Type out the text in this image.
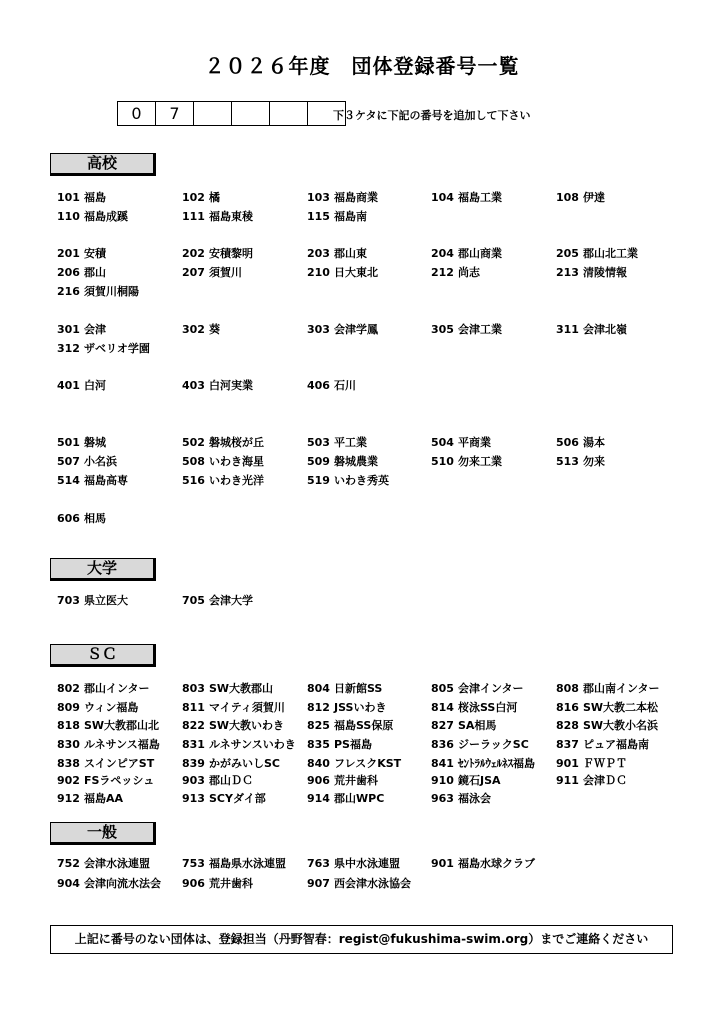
２０２６年度　団体登録番号一覧
0	7	下３ケタに下記の番号を追加して下さい
高校
101 福島	102 橘	103 福島商業	104 福島工業	108 伊達
110 福島成蹊	111 福島東稜	115 福島南
201 安積	202 安積黎明	203 郡山東	204 郡山商業	205 郡山北工業
206 郡山	207 須賀川	210 日大東北	212 尚志	213 清陵情報
216 須賀川桐陽
301 会津	302 葵	303 会津学鳳	305 会津工業	311 会津北嶺
312 ザベリオ学園
401 白河	403 白河実業	406 石川
501 磐城	502 磐城桜が丘	503 平工業	504 平商業	506 湯本
507 小名浜	508 いわき海星	509 磐城農業	510 勿来工業	513 勿来
514 福島高専	516 いわき光洋	519 いわき秀英
606 相馬
大学
703 県立医大	705 会津大学
ＳＣ
802 郡山インター	803 SW大教郡山	804 日新館SS	805 会津インター	808 郡山南インター
809 ウィン福島	811 マイティ須賀川 812 JSSいわき	814 桜泳SS白河	816 SW大教二本松
818 SW大教郡山北 822 SW大教いわき 825 福島SS保原	827 SA相馬	828 SW大教小名浜
830 ルネサンス福島 831 ルネサンスいわき 835 PS福島	836 ジーラックSC 837 ピュア福島南
838 スインピアST	839 かがみいしSC 840 フレスクKST	841 ｾﾝﾄﾗﾙｳｪﾙﾈｽ福島 901 ＦＷＰＴ
902 FSラペッシュ	903 郡山ＤＣ	906 荒井歯科	910 鏡石JSA	911 会津ＤＣ
912 福島AA	913 SCYダイ部	914 郡山WPC	963 福泳会
一般
752 会津水泳連盟	753 福島県水泳連盟 763 県中水泳連盟	901 福島水球クラブ
904 会津向流水法会 906 荒井歯科	907 西会津水泳協会
上記に番号のない団体は、登録担当（丹野智春：regist@fukushima-swim.org）までご連絡ください
